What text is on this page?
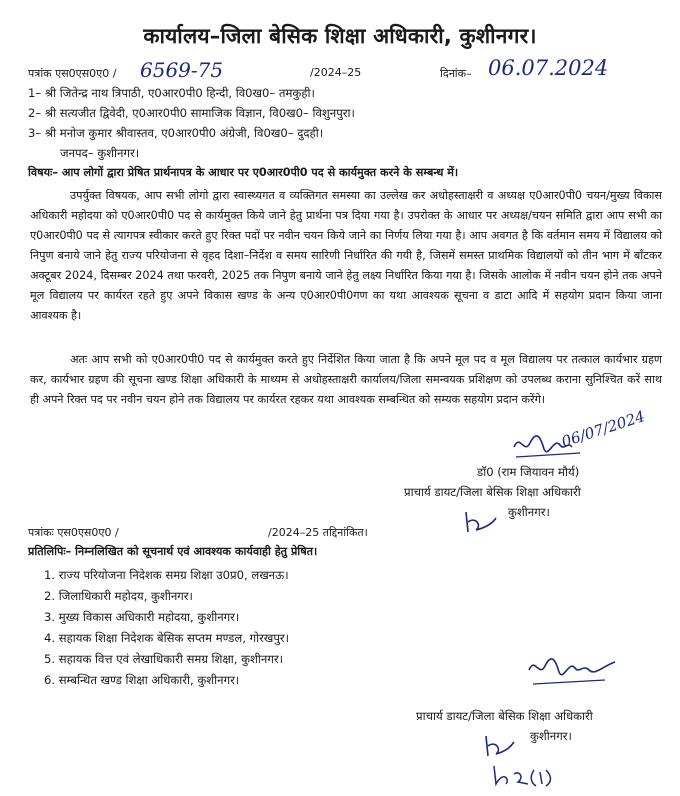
कार्यालय–जिला बेसिक शिक्षा अधिकारी, कुशीनगर।
पत्रांक एस0एस0ए0 / 6569-75	/2024–25	दिनांक– 06.07.2024
1– श्री जितेन्द्र नाथ त्रिपाठी, ए0आर0पी0 हिन्दी, वि0ख0– तमकुही।
2– श्री सत्यजीत द्विवेदी, ए0आर0पी0 सामाजिक विज्ञान, वि0ख0– विशुनपुरा।
3– श्री मनोज कुमार श्रीवास्तव, ए0आर0पी0 अंग्रेजी, वि0ख0– दुदही।
जनपद– कुशीनगर।
विषयः– आप लोगों द्वारा प्रेषित प्रार्थनापत्र के आधार पर ए0आर0पी0 पद से कार्यमुक्त करने के सम्बन्ध में।
उपर्युक्त विषयक, आप सभी लोगो द्वारा स्वास्थ्यगत व व्यक्तिगत समस्या का उल्लेख कर अधोहस्ताक्षरी व अध्यक्ष ए0आर0पी0 चयन/मुख्य विकास अधिकारी महोदया को ए0आर0पी0 पद से कार्यमुक्त किये जाने हेतु प्रार्थना पत्र दिया गया है। उपरोक्त के आधार पर अध्यक्ष/चयन समिति द्वारा आप सभी का ए0आर0पी0 पद से त्यागपत्र स्वीकार करते हुए रिक्त पदों पर नवीन चयन किये जाने का निर्णय लिया गया है। आप अवगत है कि वर्तमान समय में विद्यालय को निपुण बनाये जाने हेतु राज्य परियोजना से वृहद दिशा–निर्देश व समय सारिणी निर्धारित की गयी है, जिसमें समस्त प्राथमिक विद्यालयों को तीन भाग में बाँटकर अक्टूबर 2024, दिसम्बर 2024 तथा फरवरी, 2025 तक निपुण बनाये जाने हेतु लक्ष्य निर्धारित किया गया है। जिसके आलोक में नवीन चयन होने तक अपने मूल विद्यालय पर कार्यरत रहते हुए अपने विकास खण्ड के अन्य ए0आर0पी0गण का यथा आवश्यक सूचना व डाटा आदि में सहयोग प्रदान किया जाना आवश्यक है।
अतः आप सभी को ए0आर0पी0 पद से कार्यमुक्त करते हुए निर्देशित किया जाता है कि अपने मूल पद व मूल विद्यालय पर तत्काल कार्यभार ग्रहण कर, कार्यभार ग्रहण की सूचना खण्ड शिक्षा अधिकारी के माध्यम से अधोहस्ताक्षरी कार्यालय/जिला समन्वयक प्रशिक्षण को उपलब्ध कराना सुनिश्चित करें साथ ही अपने रिक्त पद पर नवीन चयन होने तक विद्यालय पर कार्यरत रहकर यथा आवश्यक सम्बन्धित को सम्यक सहयोग प्रदान करेंगे।
06/07/2024
डॉ0 (राम जियावन मौर्य)
प्राचार्य डायट/जिला बेसिक शिक्षा अधिकारी
कुशीनगर।
पत्रांकः एस0एस0ए0 /	/2024–25 तद्दिनांकित।
प्रतिलिपिः– निम्नलिखित को सूचनार्थ एवं आवश्यक कार्यवाही हेतु प्रेषित।
1. राज्य परियोजना निदेशक समग्र शिक्षा उ0प्र0, लखनऊ।
2. जिलाधिकारी महोदय, कुशीनगर।
3. मुख्य विकास अधिकारी महोदया, कुशीनगर।
4. सहायक शिक्षा निदेशक बेसिक सप्तम मण्डल, गोरखपुर।
5. सहायक वित्त एवं लेखाधिकारी समग्र शिक्षा, कुशीनगर।
6. सम्बन्धित खण्ड शिक्षा अधिकारी, कुशीनगर।
प्राचार्य डायट/जिला बेसिक शिक्षा अधिकारी
कुशीनगर।
